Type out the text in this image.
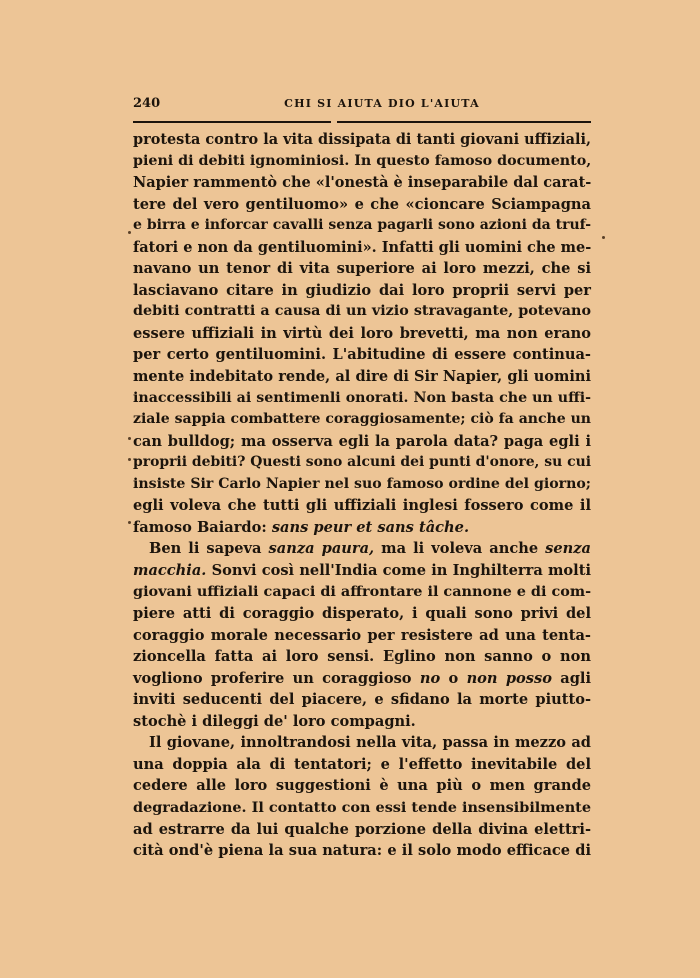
240	CHI SI AIUTA DIO L'AIUTA
protesta contro la vita dissipata di tanti giovani uffiziali,
pieni di debiti ignominiosi. In questo famoso documento,
Napier rammentò che «l'onestà è inseparabile dal carat-
tere del vero gentiluomo» e che «cioncare Sciampagna
e birra e inforcar cavalli senza pagarli sono azioni da truf-
fatori e non da gentiluomini». Infatti gli uomini che me-
navano un tenor di vita superiore ai loro mezzi, che si
lasciavano citare in giudizio dai loro proprii servi per
debiti contratti a causa di un vizio stravagante, potevano
essere uffiziali in virtù dei loro brevetti, ma non erano
per certo gentiluomini. L'abitudine di essere continua-
mente indebitato rende, al dire di Sir Napier, gli uomini
inaccessibili ai sentimenli onorati. Non basta che un uffi-
ziale sappia combattere coraggiosamente; ciò fa anche un
can bulldog; ma osserva egli la parola data? paga egli i
proprii debiti? Questi sono alcuni dei punti d'onore, su cui
insiste Sir Carlo Napier nel suo famoso ordine del giorno;
egli voleva che tutti gli uffiziali inglesi fossero come il
famoso Baiardo: sans peur et sans tâche.
Ben li sapeva sanza paura, ma li voleva anche senza
macchia. Sonvi così nell'India come in Inghilterra molti
giovani uffiziali capaci di affrontare il cannone e di com-
piere atti di coraggio disperato, i quali sono privi del
coraggio morale necessario per resistere ad una tenta-
zioncella fatta ai loro sensi. Eglino non sanno o non
vogliono proferire un coraggioso no o non posso agli
inviti seducenti del piacere, e sfidano la morte piutto-
stochè i dileggi de' loro compagni.
Il giovane, innoltrandosi nella vita, passa in mezzo ad
una doppia ala di tentatori; e l'effetto inevitabile del
cedere alle loro suggestioni è una più o men grande
degradazione. Il contatto con essi tende insensibilmente
ad estrarre da lui qualche porzione della divina elettri-
cità ond'è piena la sua natura: e il solo modo efficace di
